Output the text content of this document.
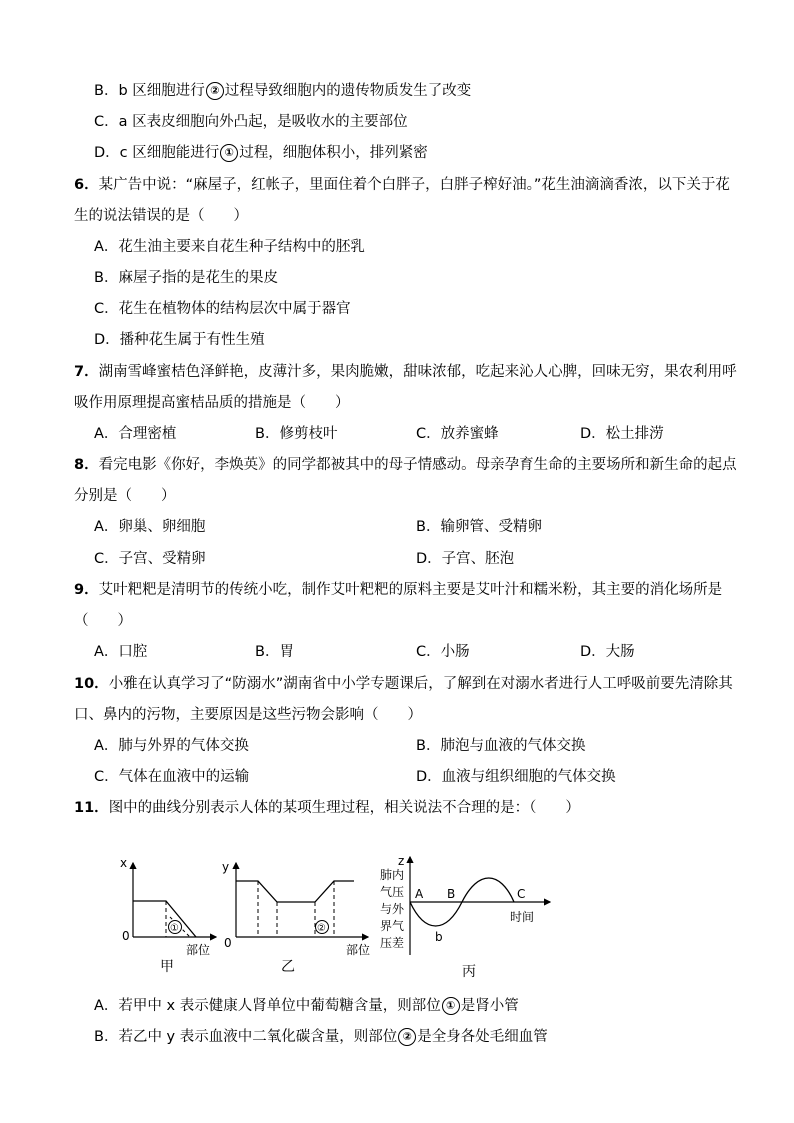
B．b 区细胞进行 ② 过程导致细胞内的遗传物质发生了改变
C．a 区表皮细胞向外凸起，是吸收水的主要部位
D．c 区细胞能进行 ① 过程，细胞体积小，排列紧密
6．某广告中说：“麻屋子，红帐子，里面住着个白胖子，白胖子榨好油。”花生油滴滴香浓，以下关于花
生的说法错误的是（　　）
A．花生油主要来自花生种子结构中的胚乳
B．麻屋子指的是花生的果皮
C．花生在植物体的结构层次中属于器官
D．播种花生属于有性生殖
7．湖南雪峰蜜桔色泽鲜艳，皮薄汁多，果肉脆嫩，甜味浓郁，吃起来沁人心脾，回味无穷，果农利用呼
吸作用原理提高蜜桔品质的措施是（　　）
A．合理密植	B．修剪枝叶	C．放养蜜蜂	D．松土排涝
8．看完电影《你好，李焕英》的同学都被其中的母子情感动。母亲孕育生命的主要场所和新生命的起点
分别是（　　）
A．卵巢、卵细胞	B．输卵管、受精卵
C．子宫、受精卵	D．子宫、胚泡
9．艾叶粑粑是清明节的传统小吃，制作艾叶粑粑的原料主要是艾叶汁和糯米粉，其主要的消化场所是
（　　）
A．口腔	B．胃	C．小肠	D．大肠
10．小雅在认真学习了“防溺水”湖南省中小学专题课后，了解到在对溺水者进行人工呼吸前要先清除其
口、鼻内的污物，主要原因是这些污物会影响（　　）
A．肺与外界的气体交换	B．肺泡与血液的气体交换
C．气体在血液中的运输	D．血液与组织细胞的气体交换
11．图中的曲线分别表示人体的某项生理过程，相关说法不合理的是：（　　）
x
0
①
部位
甲
y
0
②
部位
乙
z
肺内
气压
与外
界气
压差
A B	C
b
时间
丙
A．若甲中 x 表示健康人肾单位中葡萄糖含量，则部位 ① 是肾小管
B．若乙中 y 表示血液中二氧化碳含量，则部位 ② 是全身各处毛细血管
